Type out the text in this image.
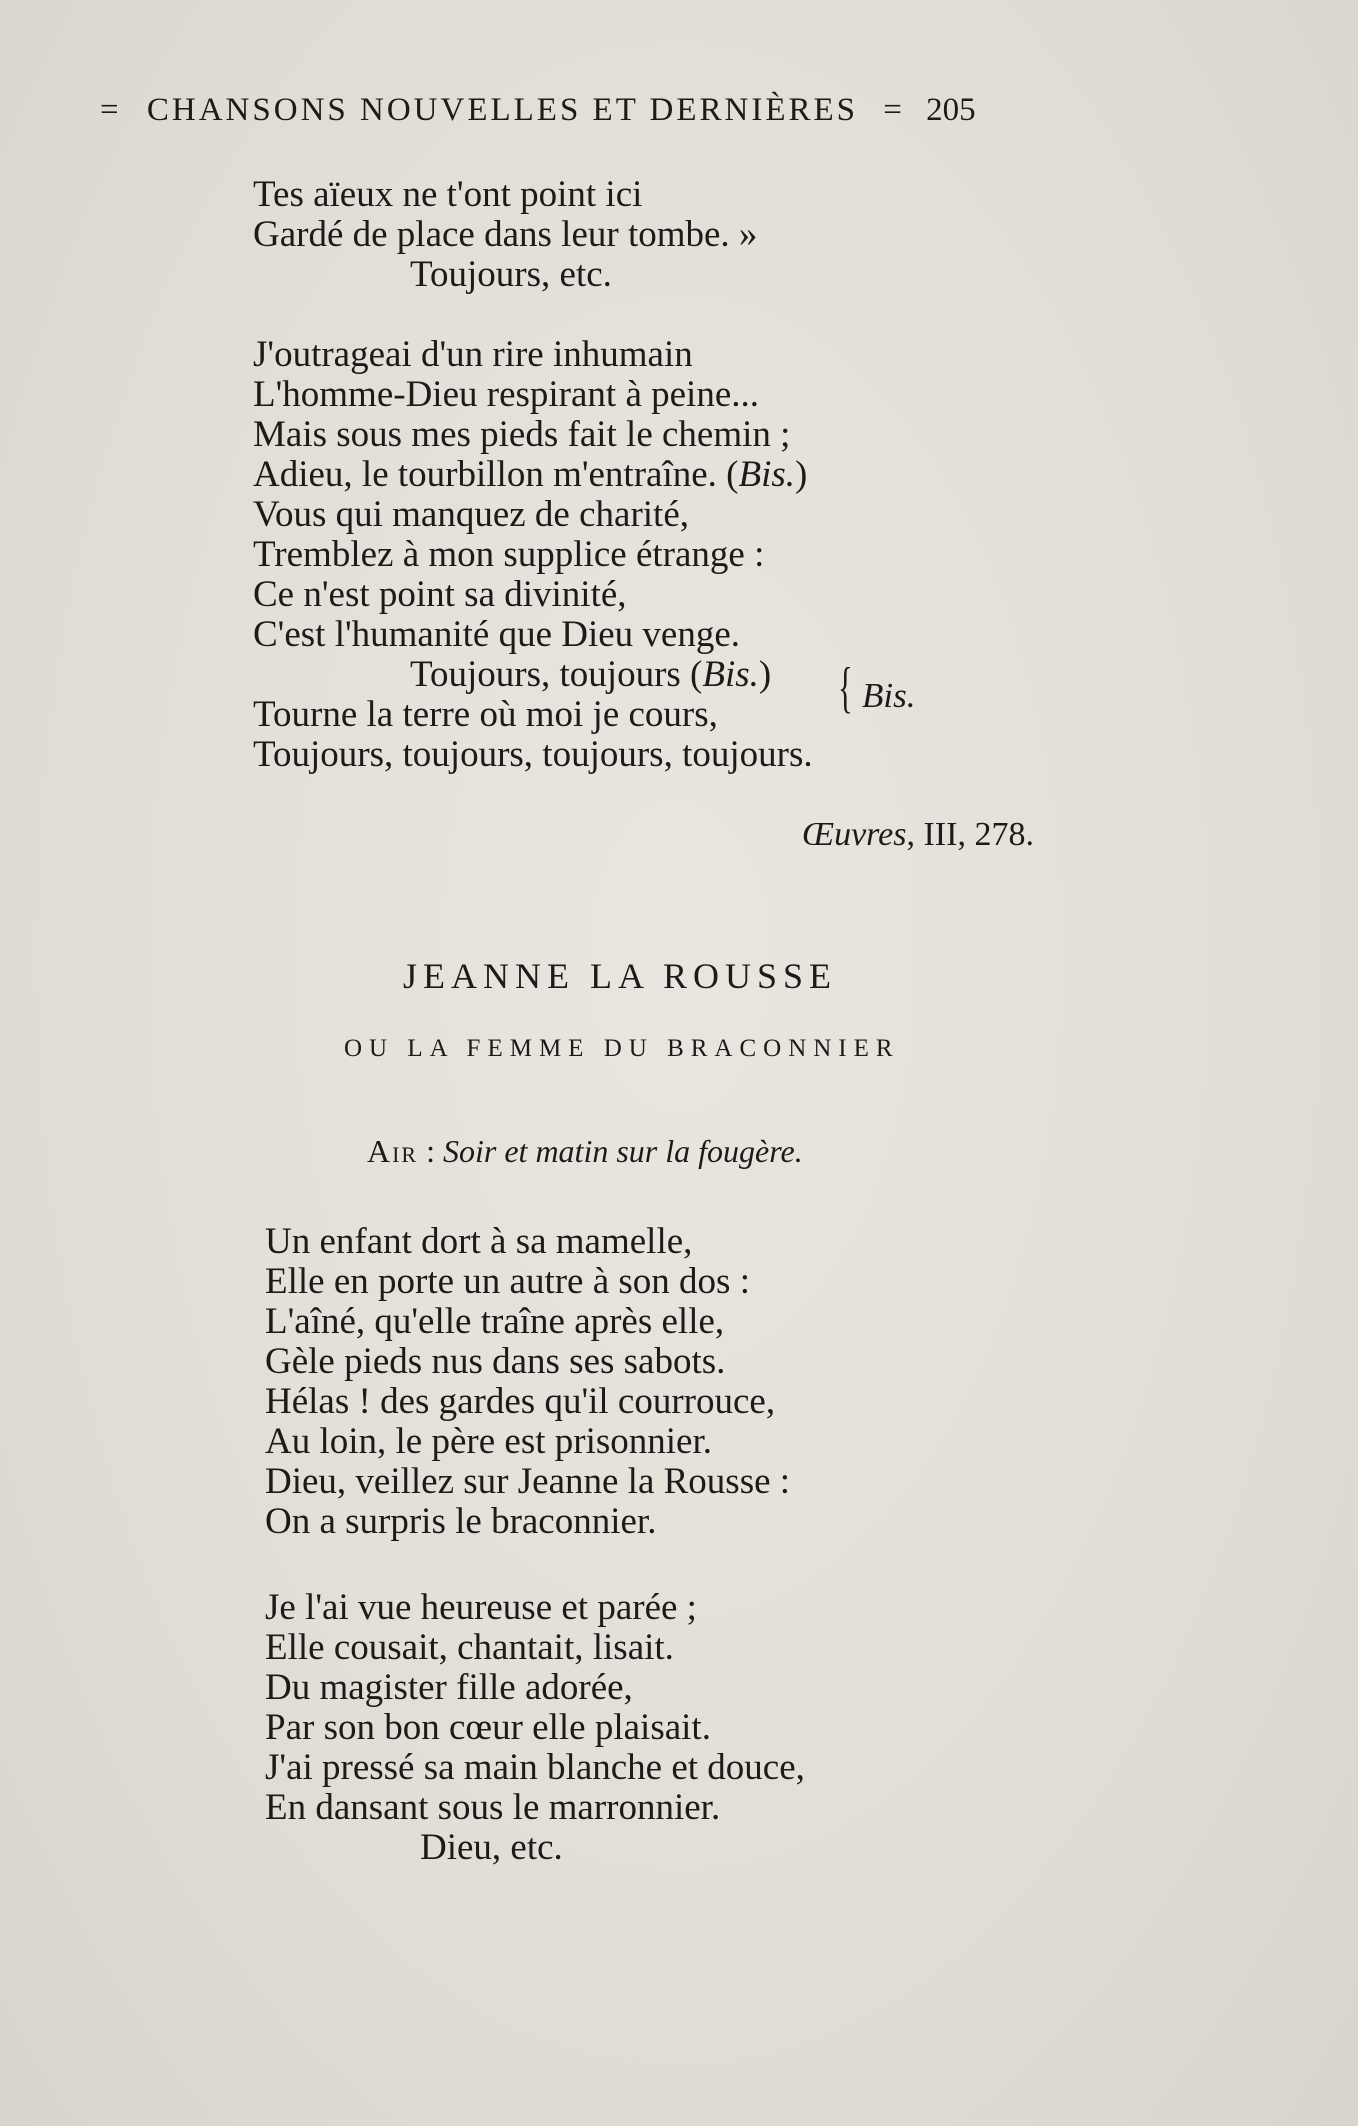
= CHANSONS NOUVELLES ET DERNIÈRES = 205
Tes aïeux ne t'ont point ici
Gardé de place dans leur tombe. »
Toujours, etc.
J'outrageai d'un rire inhumain
L'homme-Dieu respirant à peine...
Mais sous mes pieds fait le chemin ;
Adieu, le tourbillon m'entraîne. (Bis.)
Vous qui manquez de charité,
Tremblez à mon supplice étrange :
Ce n'est point sa divinité,
C'est l'humanité que Dieu venge.
Toujours, toujours (Bis.)
Tourne la terre où moi je cours,
Toujours, toujours, toujours, toujours.
{ Bis.
Œuvres, III, 278.
JEANNE LA ROUSSE
OU LA FEMME DU BRACONNIER
Air : Soir et matin sur la fougère.
Un enfant dort à sa mamelle,
Elle en porte un autre à son dos :
L'aîné, qu'elle traîne après elle,
Gèle pieds nus dans ses sabots.
Hélas ! des gardes qu'il courrouce,
Au loin, le père est prisonnier.
Dieu, veillez sur Jeanne la Rousse :
On a surpris le braconnier.
Je l'ai vue heureuse et parée ;
Elle cousait, chantait, lisait.
Du magister fille adorée,
Par son bon cœur elle plaisait.
J'ai pressé sa main blanche et douce,
En dansant sous le marronnier.
Dieu, etc.
